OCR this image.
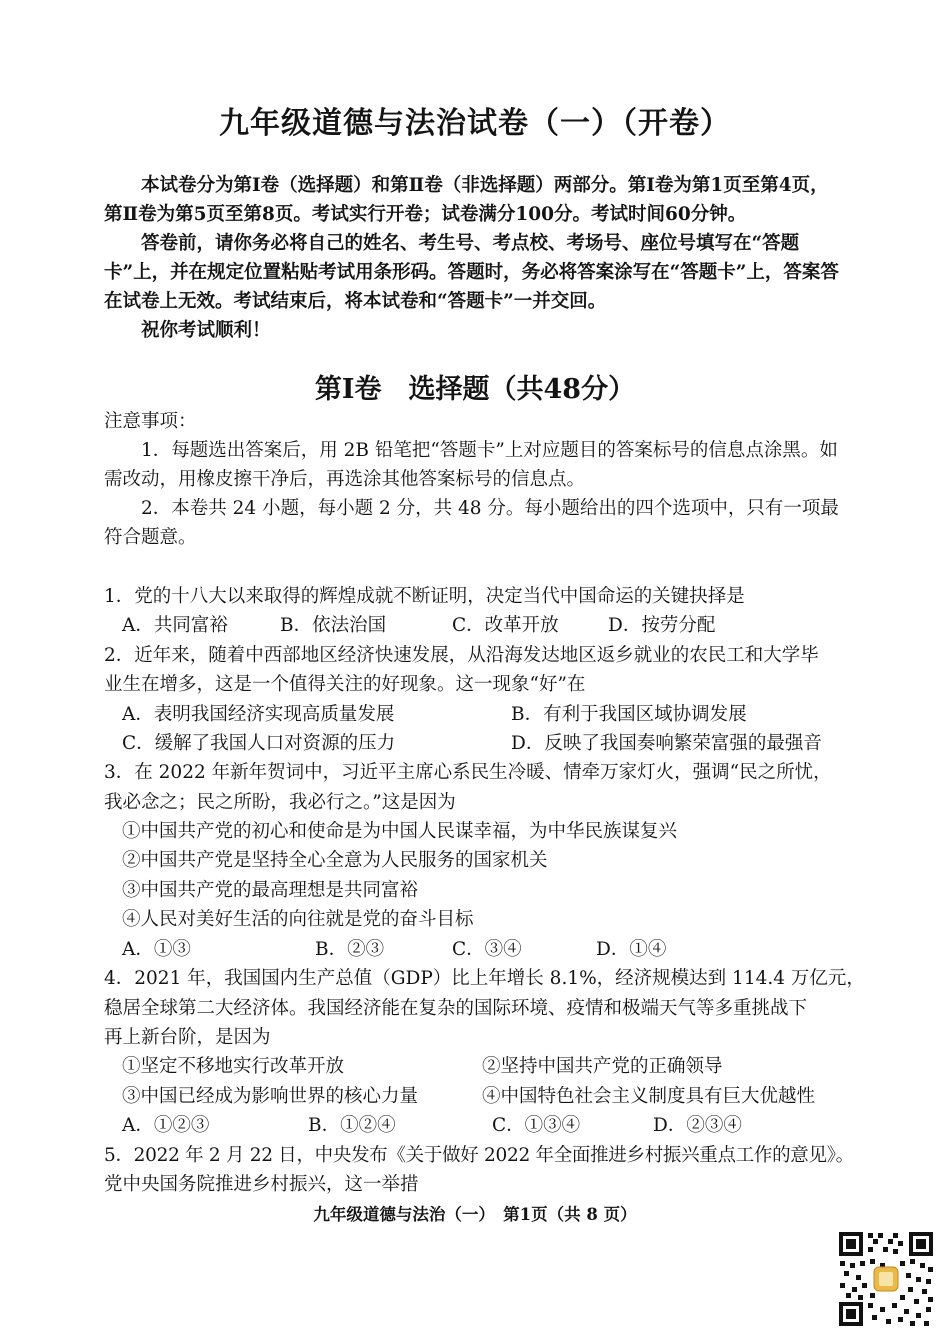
九年级道德与法治试卷（一）（开卷）

本试卷分为第Ⅰ卷（选择题）和第Ⅱ卷（非选择题）两部分。第Ⅰ卷为第1页至第4页，第Ⅱ卷为第5页至第8页。考试实行开卷；试卷满分100分。考试时间60分钟。

答卷前，请你务必将自己的姓名、考生号、考点校、考场号、座位号填写在“答题卡”上，并在规定位置粘贴考试用条形码。答题时，务必将答案涂写在“答题卡”上，答案答在试卷上无效。考试结束后，将本试卷和“答题卡”一并交回。

祝你考试顺利！

第Ⅰ卷　选择题（共48分）

注意事项：

1．每题选出答案后，用 2B 铅笔把“答题卡”上对应题目的答案标号的信息点涂黑。如需改动，用橡皮擦干净后，再选涂其他答案标号的信息点。

2．本卷共 24 小题，每小题 2 分，共 48 分。每小题给出的四个选项中，只有一项最符合题意。

1．党的十八大以来取得的辉煌成就不断证明，决定当代中国命运的关键抉择是

A．共同富裕	B．依法治国	C．改革开放	D．按劳分配

2．近年来，随着中西部地区经济快速发展，从沿海发达地区返乡就业的农民工和大学毕

业生在增多，这是一个值得关注的好现象。这一现象“好”在

A．表明我国经济实现高质量发展	B．有利于我国区域协调发展
C．缓解了我国人口对资源的压力	D．反映了我国奏响繁荣富强的最强音

3．在 2022 年新年贺词中，习近平主席心系民生冷暖、情牵万家灯火，强调“民之所忧，

我必念之；民之所盼，我必行之。”这是因为

①中国共产党的初心和使命是为中国人民谋幸福，为中华民族谋复兴

②中国共产党是坚持全心全意为人民服务的国家机关

③中国共产党的最高理想是共同富裕

④人民对美好生活的向往就是党的奋斗目标

A．①③	B．②③	C．③④	D．①④

4．2021 年，我国国内生产总值（GDP）比上年增长 8.1%，经济规模达到 114.4 万亿元，

稳居全球第二大经济体。我国经济能在复杂的国际环境、疫情和极端天气等多重挑战下

再上新台阶，是因为

①坚定不移地实行改革开放	②坚持中国共产党的正确领导

③中国已经成为影响世界的核心力量	④中国特色社会主义制度具有巨大优越性

A．①②③	B．①②④	C．①③④	D．②③④

5．2022 年 2 月 22 日，中央发布《关于做好 2022 年全面推进乡村振兴重点工作的意见》。

党中央国务院推进乡村振兴，这一举措

九年级道德与法治（一）　第1页（共 8 页）
